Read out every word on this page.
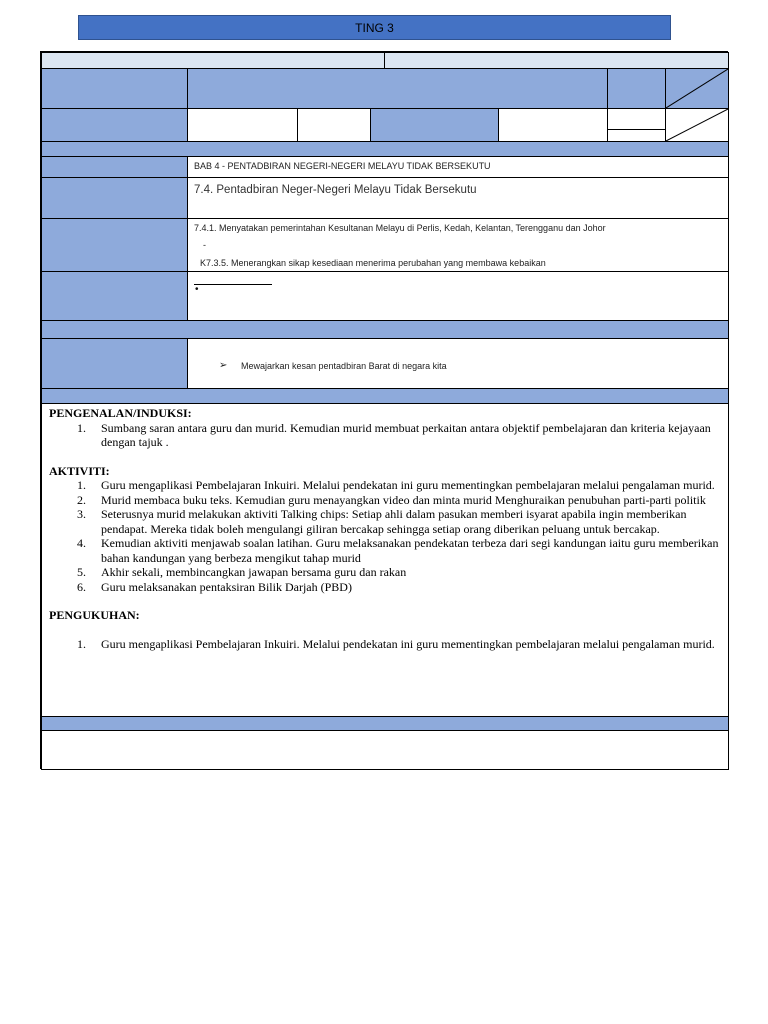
TING 3
BAB 4 - PENTADBIRAN NEGERI-NEGERI MELAYU TIDAK BERSEKUTU
7.4. Pentadbiran Neger-Negeri Melayu Tidak Bersekutu
7.4.1. Menyatakan pemerintahan Kesultanan Melayu di Perlis, Kedah, Kelantan, Terengganu dan Johor
-
K7.3.5. Menerangkan sikap kesediaan menerima perubahan yang membawa kebaikan
•
➢ Mewajarkan kesan pentadbiran Barat di negara kita
PENGENALAN/INDUKSI:
1. Sumbang saran antara guru dan murid. Kemudian murid membuat perkaitan antara objektif pembelajaran dan kriteria kejayaan dengan tajuk .
AKTIVITI:
1. Guru mengaplikasi Pembelajaran Inkuiri. Melalui pendekatan ini guru mementingkan pembelajaran melalui pengalaman murid.
2. Murid membaca buku teks. Kemudian guru menayangkan video dan minta murid Menghuraikan penubuhan parti-parti politik
3. Seterusnya murid melakukan aktiviti Talking chips: Setiap ahli dalam pasukan memberi isyarat apabila ingin memberikan pendapat. Mereka tidak boleh mengulangi giliran bercakap sehingga setiap orang diberikan peluang untuk bercakap.
4. Kemudian aktiviti menjawab soalan latihan. Guru melaksanakan pendekatan terbeza dari segi kandungan iaitu guru memberikan bahan kandungan yang berbeza mengikut tahap murid
5. Akhir sekali, membincangkan jawapan bersama guru dan rakan
6. Guru melaksanakan pentaksiran Bilik Darjah (PBD)
PENGUKUHAN:
1. Guru mengaplikasi Pembelajaran Inkuiri. Melalui pendekatan ini guru mementingkan pembelajaran melalui pengalaman murid.
